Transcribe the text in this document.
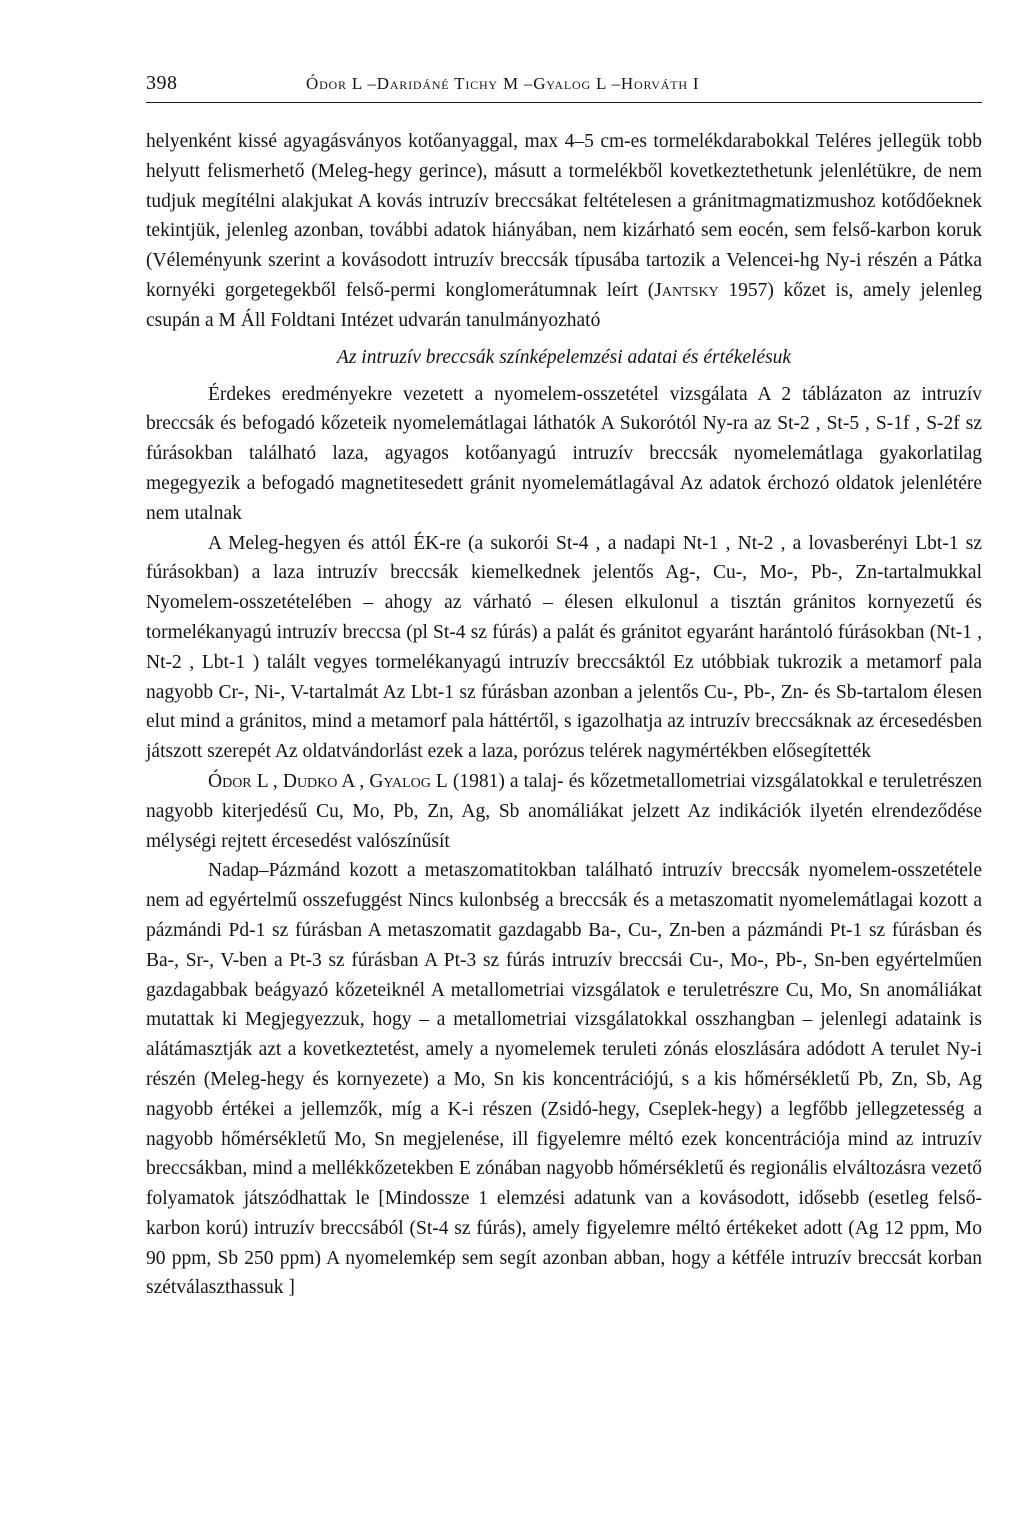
398	Ódor L –Daridáné Tichy M –Gyalog L –Horváth I

helyenként kissé agyagásványos kotőanyaggal, max 4–5 cm-es tormelékdarabokkal Teléres jellegük tobb helyutt felismerhető (Meleg-hegy gerince), másutt a tormelékből kovetkeztethetunk jelenlétükre, de nem tudjuk megítélni alakjukat A kovás intruzív breccsákat feltételesen a gránitmagmatizmushoz kotődőeknek tekintjük, jelenleg azonban, további adatok hiányában, nem kizárható sem eocén, sem felső-karbon koruk (Véleményunk szerint a kovásodott intruzív breccsák típusába tartozik a Velencei-hg Ny-i részén a Pátka kornyéki gorgetegekből felső-permi konglomerátumnak leírt (Jantsky 1957) kőzet is, amely jelenleg csupán a M Áll Foldtani Intézet udvarán tanulmányozható

Az intruzív breccsák színképelemzési adatai és értékelésuk

Érdekes eredményekre vezetett a nyomelem-osszetétel vizsgálata A 2 táblázaton az intruzív breccsák és befogadó kőzeteik nyomelemátlagai láthatók A Sukorótól Ny-ra az St-2 , St-5 , S-1f , S-2f sz fúrásokban található laza, agyagos kotőanyagú intruzív breccsák nyomelemátlaga gyakorlatilag megegyezik a befogadó magnetitesedett gránit nyomelemátlagával Az adatok érchozó oldatok jelenlétére nem utalnak

A Meleg-hegyen és attól ÉK-re (a sukorói St-4 , a nadapi Nt-1 , Nt-2 , a lovasberényi Lbt-1 sz fúrásokban) a laza intruzív breccsák kiemelkednek jelentős Ag-, Cu-, Mo-, Pb-, Zn-tartalmukkal Nyomelem-osszetételében – ahogy az várható – élesen elkulonul a tisztán gránitos kornyezetű és tormelékanyagú intruzív breccsa (pl St-4 sz fúrás) a palát és gránitot egyaránt harántoló fúrásokban (Nt-1 , Nt-2 , Lbt-1 ) talált vegyes tormelékanyagú intruzív breccsáktól Ez utóbbiak tukrozik a metamorf pala nagyobb Cr-, Ni-, V-tartalmát Az Lbt-1 sz fúrásban azonban a jelentős Cu-, Pb-, Zn- és Sb-tartalom élesen elut mind a gránitos, mind a metamorf pala háttértől, s igazolhatja az intruzív breccsáknak az ércesedésben játszott szerepét Az oldatvándorlást ezek a laza, porózus telérek nagymértékben elősegítették

Ódor L , Dudko A , Gyalog L (1981) a talaj- és kőzetmetallometriai vizsgálatokkal e teruletrészen nagyobb kiterjedésű Cu, Mo, Pb, Zn, Ag, Sb anomáliákat jelzett Az indikációk ilyetén elrendeződése mélységi rejtett ércesedést valószínűsít

Nadap–Pázmánd kozott a metaszomatitokban található intruzív breccsák nyomelem-osszetétele nem ad egyértelmű osszefuggést Nincs kulonbség a breccsák és a metaszomatit nyomelemátlagai kozott a pázmándi Pd-1 sz fúrásban A metaszomatit gazdagabb Ba-, Cu-, Zn-ben a pázmándi Pt-1 sz fúrásban és Ba-, Sr-, V-ben a Pt-3 sz fúrásban A Pt-3 sz fúrás intruzív breccsái Cu-, Mo-, Pb-, Sn-ben egyértelműen gazdagabbak beágyazó kőzeteiknél A metallometriai vizsgálatok e teruletrészre Cu, Mo, Sn anomáliákat mutattak ki Megjegyezzuk, hogy – a metallometriai vizsgálatokkal osszhangban – jelenlegi adataink is alátámasztják azt a kovetkeztetést, amely a nyomelemek teruleti zónás eloszlására adódott A terulet Ny-i részén (Meleg-hegy és kornyezete) a Mo, Sn kis koncentrációjú, s a kis hőmérsékletű Pb, Zn, Sb, Ag nagyobb értékei a jellemzők, míg a K-i részen (Zsidó-hegy, Cseplek-hegy) a legfőbb jellegzetesség a nagyobb hőmérsékletű Mo, Sn megjelenése, ill figyelemre méltó ezek koncentrációja mind az intruzív breccsákban, mind a mellékkőzetekben E zónában nagyobb hőmérsékletű és regionális elváltozásra vezető folyamatok játszódhattak le [Mindossze 1 elemzési adatunk van a kovásodott, idősebb (esetleg felső-karbon korú) intruzív breccsából (St-4 sz fúrás), amely figyelemre méltó értékeket adott (Ag 12 ppm, Mo 90 ppm, Sb 250 ppm) A nyomelemkép sem segít azonban abban, hogy a kétféle intruzív breccsát korban szétválaszthassuk ]
